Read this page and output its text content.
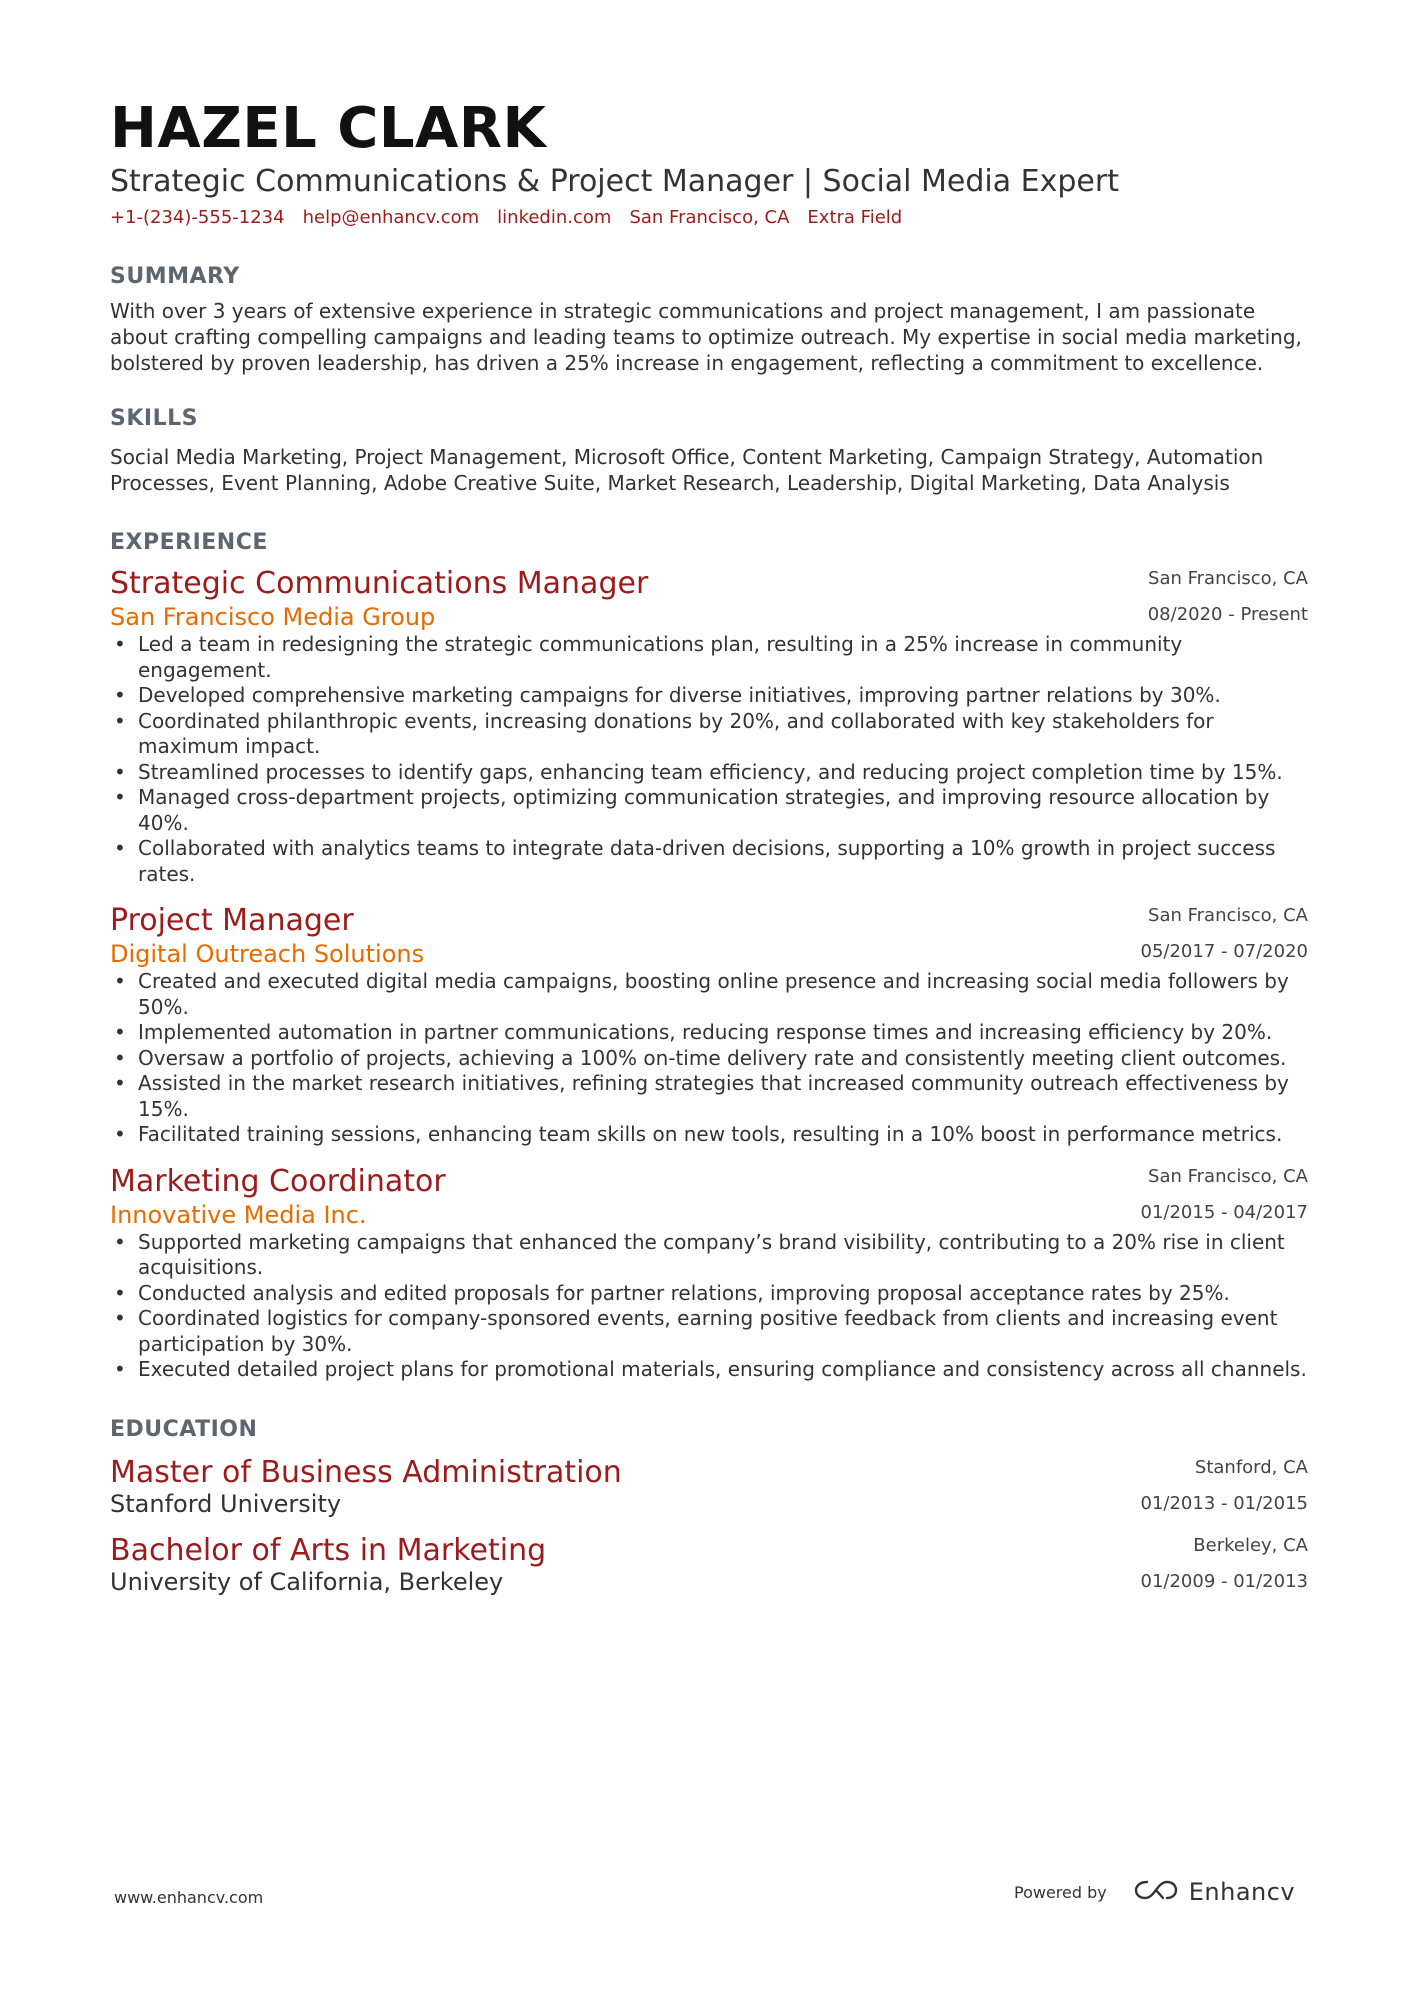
HAZEL CLARK
Strategic Communications & Project Manager | Social Media Expert
+1-(234)-555-1234 help@enhancv.com linkedin.com San Francisco, CA Extra Field
SUMMARY
With over 3 years of extensive experience in strategic communications and project management, I am passionate about crafting compelling campaigns and leading teams to optimize outreach. My expertise in social media marketing, bolstered by proven leadership, has driven a 25% increase in engagement, reflecting a commitment to excellence.
SKILLS
Social Media Marketing, Project Management, Microsoft Office, Content Marketing, Campaign Strategy, Automation Processes, Event Planning, Adobe Creative Suite, Market Research, Leadership, Digital Marketing, Data Analysis
EXPERIENCE
Strategic Communications Manager
San Francisco Media Group
San Francisco, CA
08/2020 - Present
• Led a team in redesigning the strategic communications plan, resulting in a 25% increase in community engagement.
• Developed comprehensive marketing campaigns for diverse initiatives, improving partner relations by 30%.
• Coordinated philanthropic events, increasing donations by 20%, and collaborated with key stakeholders for maximum impact.
• Streamlined processes to identify gaps, enhancing team efficiency, and reducing project completion time by 15%.
• Managed cross-department projects, optimizing communication strategies, and improving resource allocation by 40%.
• Collaborated with analytics teams to integrate data-driven decisions, supporting a 10% growth in project success rates.
Project Manager
Digital Outreach Solutions
San Francisco, CA
05/2017 - 07/2020
• Created and executed digital media campaigns, boosting online presence and increasing social media followers by 50%.
• Implemented automation in partner communications, reducing response times and increasing efficiency by 20%.
• Oversaw a portfolio of projects, achieving a 100% on-time delivery rate and consistently meeting client outcomes.
• Assisted in the market research initiatives, refining strategies that increased community outreach effectiveness by 15%.
• Facilitated training sessions, enhancing team skills on new tools, resulting in a 10% boost in performance metrics.
Marketing Coordinator
Innovative Media Inc.
San Francisco, CA
01/2015 - 04/2017
• Supported marketing campaigns that enhanced the company’s brand visibility, contributing to a 20% rise in client acquisitions.
• Conducted analysis and edited proposals for partner relations, improving proposal acceptance rates by 25%.
• Coordinated logistics for company-sponsored events, earning positive feedback from clients and increasing event participation by 30%.
• Executed detailed project plans for promotional materials, ensuring compliance and consistency across all channels.
EDUCATION
Master of Business Administration
Stanford University
Stanford, CA
01/2013 - 01/2015
Bachelor of Arts in Marketing
University of California, Berkeley
Berkeley, CA
01/2009 - 01/2013
www.enhancv.com	Powered by	Enhancv
